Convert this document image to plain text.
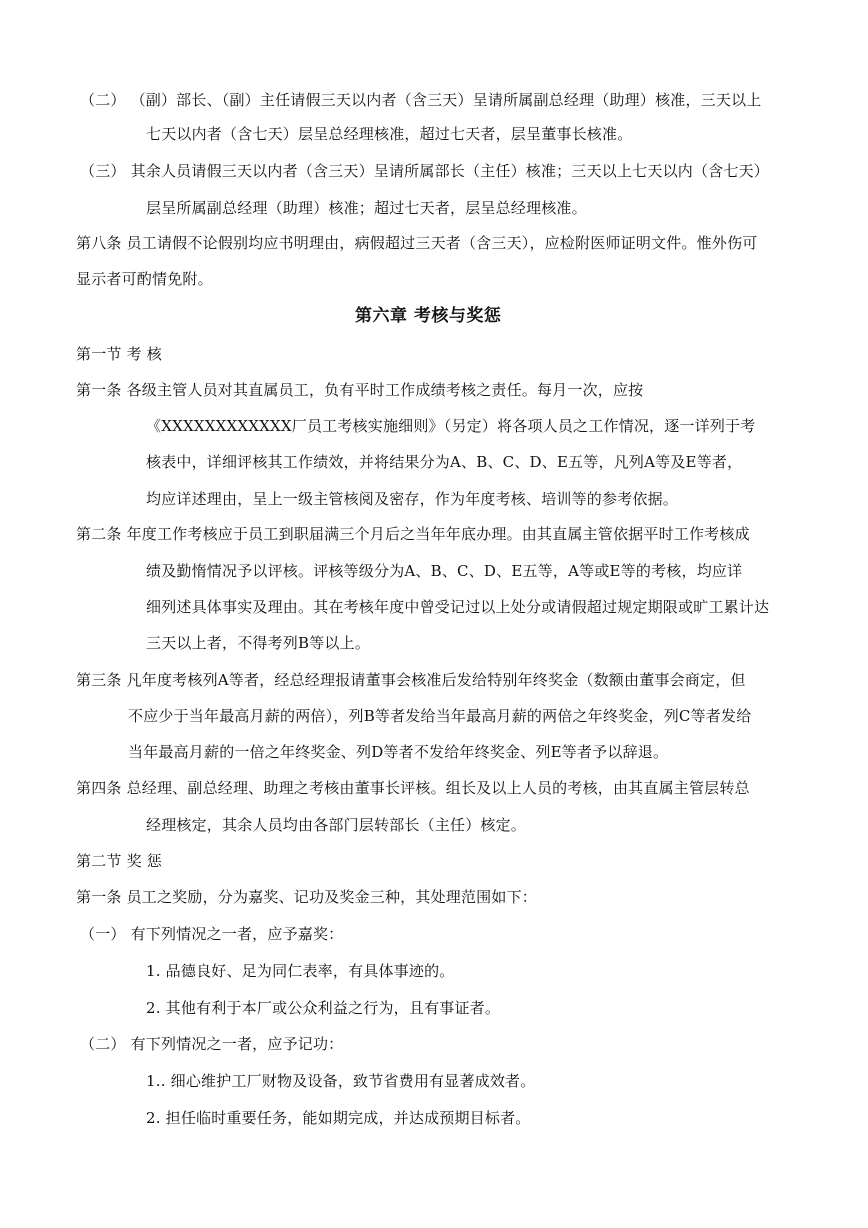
（二） （副）部长、（副）主任请假三天以内者（含三天）呈请所属副总经理（助理）核准，三天以上
七天以内者（含七天）层呈总经理核准，超过七天者，层呈董事长核准。
（三） 其余人员请假三天以内者（含三天）呈请所属部长（主任）核准；三天以上七天以内（含七天）
层呈所属副总经理（助理）核准；超过七天者，层呈总经理核准。
第八条 员工请假不论假别均应书明理由，病假超过三天者（含三天），应检附医师证明文件。惟外伤可
显示者可酌情免附。
第六章 考核与奖惩
第一节 考 核
第一条 各级主管人员对其直属员工，负有平时工作成绩考核之责任。每月一次，应按
《XXXXXXXXXXXX厂员工考核实施细则》（另定）将各项人员之工作情况，逐一详列于考
核表中，详细评核其工作绩效，并将结果分为A、B、C、D、E五等，凡列A等及E等者，
均应详述理由，呈上一级主管核阅及密存，作为年度考核、培训等的参考依据。
第二条 年度工作考核应于员工到职届满三个月后之当年年底办理。由其直属主管依据平时工作考核成
绩及勤惰情况予以评核。评核等级分为A、B、C、D、E五等，A等或E等的考核，均应详
细列述具体事实及理由。其在考核年度中曾受记过以上处分或请假超过规定期限或旷工累计达
三天以上者，不得考列B等以上。
第三条 凡年度考核列A等者，经总经理报请董事会核准后发给特别年终奖金（数额由董事会商定，但
不应少于当年最高月薪的两倍），列B等者发给当年最高月薪的两倍之年终奖金，列C等者发给
当年最高月薪的一倍之年终奖金、列D等者不发给年终奖金、列E等者予以辞退。
第四条 总经理、副总经理、助理之考核由董事长评核。组长及以上人员的考核，由其直属主管层转总
经理核定，其余人员均由各部门层转部长（主任）核定。
第二节 奖 惩
第一条 员工之奖励，分为嘉奖、记功及奖金三种，其处理范围如下：
（一） 有下列情况之一者，应予嘉奖：
1. 品德良好、足为同仁表率，有具体事迹的。
2. 其他有利于本厂或公众利益之行为，且有事证者。
（二） 有下列情况之一者，应予记功：
1.. 细心维护工厂财物及设备，致节省费用有显著成效者。
2. 担任临时重要任务，能如期完成，并达成预期目标者。
